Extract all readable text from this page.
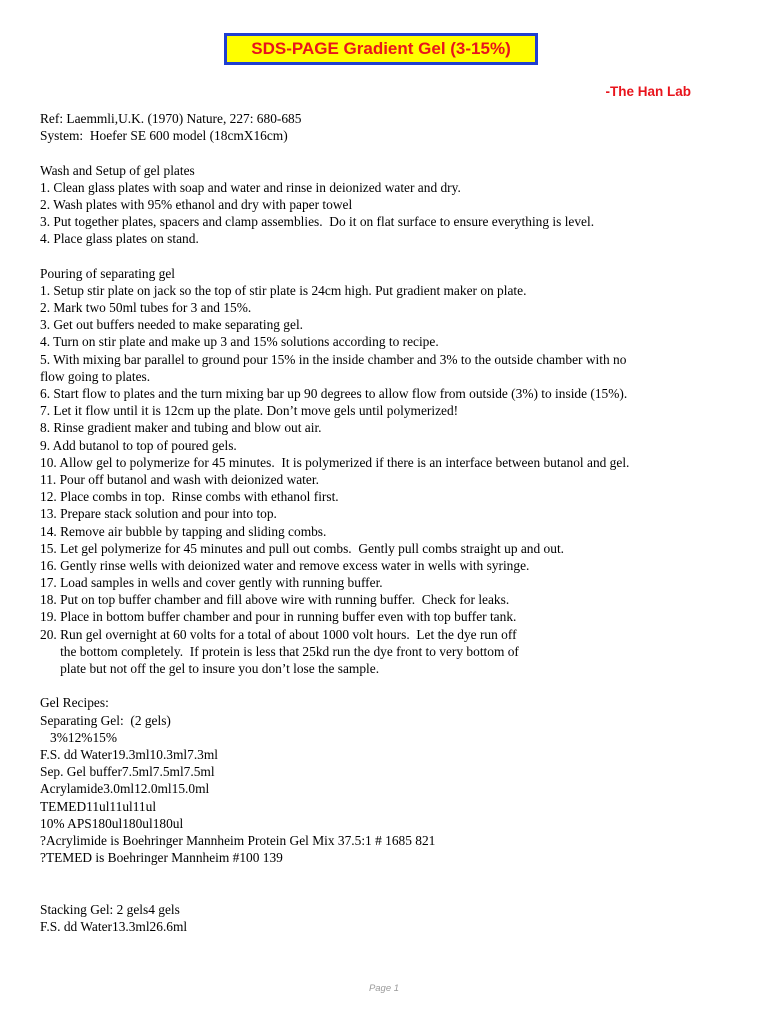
SDS-PAGE Gradient Gel (3-15%)
-The Han Lab
Ref: Laemmli,U.K. (1970) Nature, 227: 680-685
System:  Hoefer SE 600 model (18cmX16cm)
Wash and Setup of gel plates
1. Clean glass plates with soap and water and rinse in deionized water and dry.
2. Wash plates with 95% ethanol and dry with paper towel
3. Put together plates, spacers and clamp assemblies.  Do it on flat surface to ensure everything is level.
4. Place glass plates on stand.
Pouring of separating gel
1. Setup stir plate on jack so the top of stir plate is 24cm high. Put gradient maker on plate.
2. Mark two 50ml tubes for 3 and 15%.
3. Get out buffers needed to make separating gel.
4. Turn on stir plate and make up 3 and 15% solutions according to recipe.
5. With mixing bar parallel to ground pour 15% in the inside chamber and 3% to the outside chamber with no
flow going to plates.
6. Start flow to plates and the turn mixing bar up 90 degrees to allow flow from outside (3%) to inside (15%).
7. Let it flow until it is 12cm up the plate. Don’t move gels until polymerized!
8. Rinse gradient maker and tubing and blow out air.
9. Add butanol to top of poured gels.
10. Allow gel to polymerize for 45 minutes.  It is polymerized if there is an interface between butanol and gel.
11. Pour off butanol and wash with deionized water.
12. Place combs in top.  Rinse combs with ethanol first.
13. Prepare stack solution and pour into top.
14. Remove air bubble by tapping and sliding combs.
15. Let gel polymerize for 45 minutes and pull out combs.  Gently pull combs straight up and out.
16. Gently rinse wells with deionized water and remove excess water in wells with syringe.
17. Load samples in wells and cover gently with running buffer.
18. Put on top buffer chamber and fill above wire with running buffer.  Check for leaks.
19. Place in bottom buffer chamber and pour in running buffer even with top buffer tank.
20. Run gel overnight at 60 volts for a total of about 1000 volt hours.  Let the dye run off
the bottom completely.  If protein is less that 25kd run the dye front to very bottom of
plate but not off the gel to insure you don’t lose the sample.
Gel Recipes:
Separating Gel:  (2 gels)
3%12%15%
F.S. dd Water19.3ml10.3ml7.3ml
Sep. Gel buffer7.5ml7.5ml7.5ml
Acrylamide3.0ml12.0ml15.0ml
TEMED11ul11ul11ul
10% APS180ul180ul180ul
?Acrylimide is Boehringer Mannheim Protein Gel Mix 37.5:1 # 1685 821
?TEMED is Boehringer Mannheim #100 139
Stacking Gel: 2 gels4 gels
F.S. dd Water13.3ml26.6ml
Page 1
